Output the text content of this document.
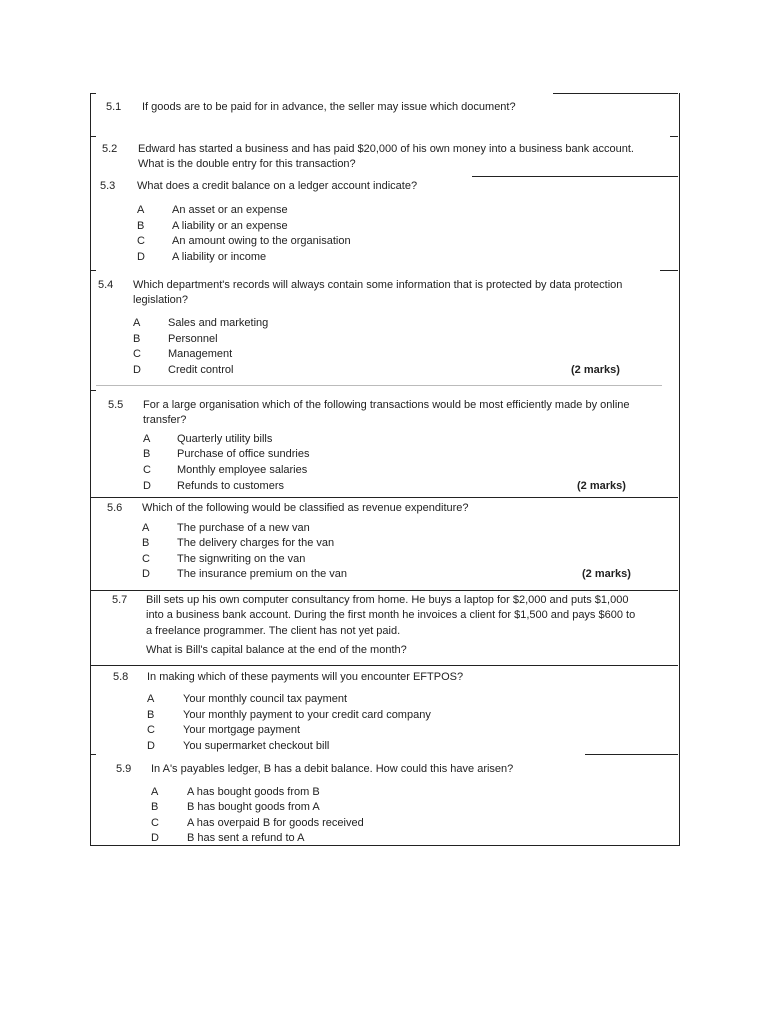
5.1 If goods are to be paid for in advance, the seller may issue which document?
5.2 Edward has started a business and has paid $20,000 of his own money into a business bank account.
What is the double entry for this transaction?
5.3 What does a credit balance on a ledger account indicate?
A	An asset or an expense
B	A liability or an expense
C An amount owing to the organisation
D A liability or income
5.4 Which department's records will always contain some information that is protected by data protection
legislation?
A	Sales and marketing
B	Personnel
C Management
D Credit control	(2 marks)
5.5 For a large organisation which of the following transactions would be most efficiently made by online
transfer?
A Quarterly utility bills
B Purchase of office sundries
C Monthly employee salaries
D Refunds to customers	(2 marks)
5.6 Which of the following would be classified as revenue expenditure?
A	The purchase of a new van
B	The delivery charges for the van
C The signwriting on the van
D The insurance premium on the van	(2 marks)
5.7 Bill sets up his own computer consultancy from home. He buys a laptop for $2,000 and puts $1,000
into a business bank account. During the first month he invoices a client for $1,500 and pays $600 to
a freelance programmer. The client has not yet paid.
What is Bill's capital balance at the end of the month?
5.8 In making which of these payments will you encounter EFTPOS?
A	Your monthly council tax payment
B	Your monthly payment to your credit card company
C	Your mortgage payment
D	You supermarket checkout bill
5.9 In A's payables ledger, B has a debit balance. How could this have arisen?
A	A has bought goods from B
B	B has bought goods from A
C	A has overpaid B for goods received
D	B has sent a refund to A
